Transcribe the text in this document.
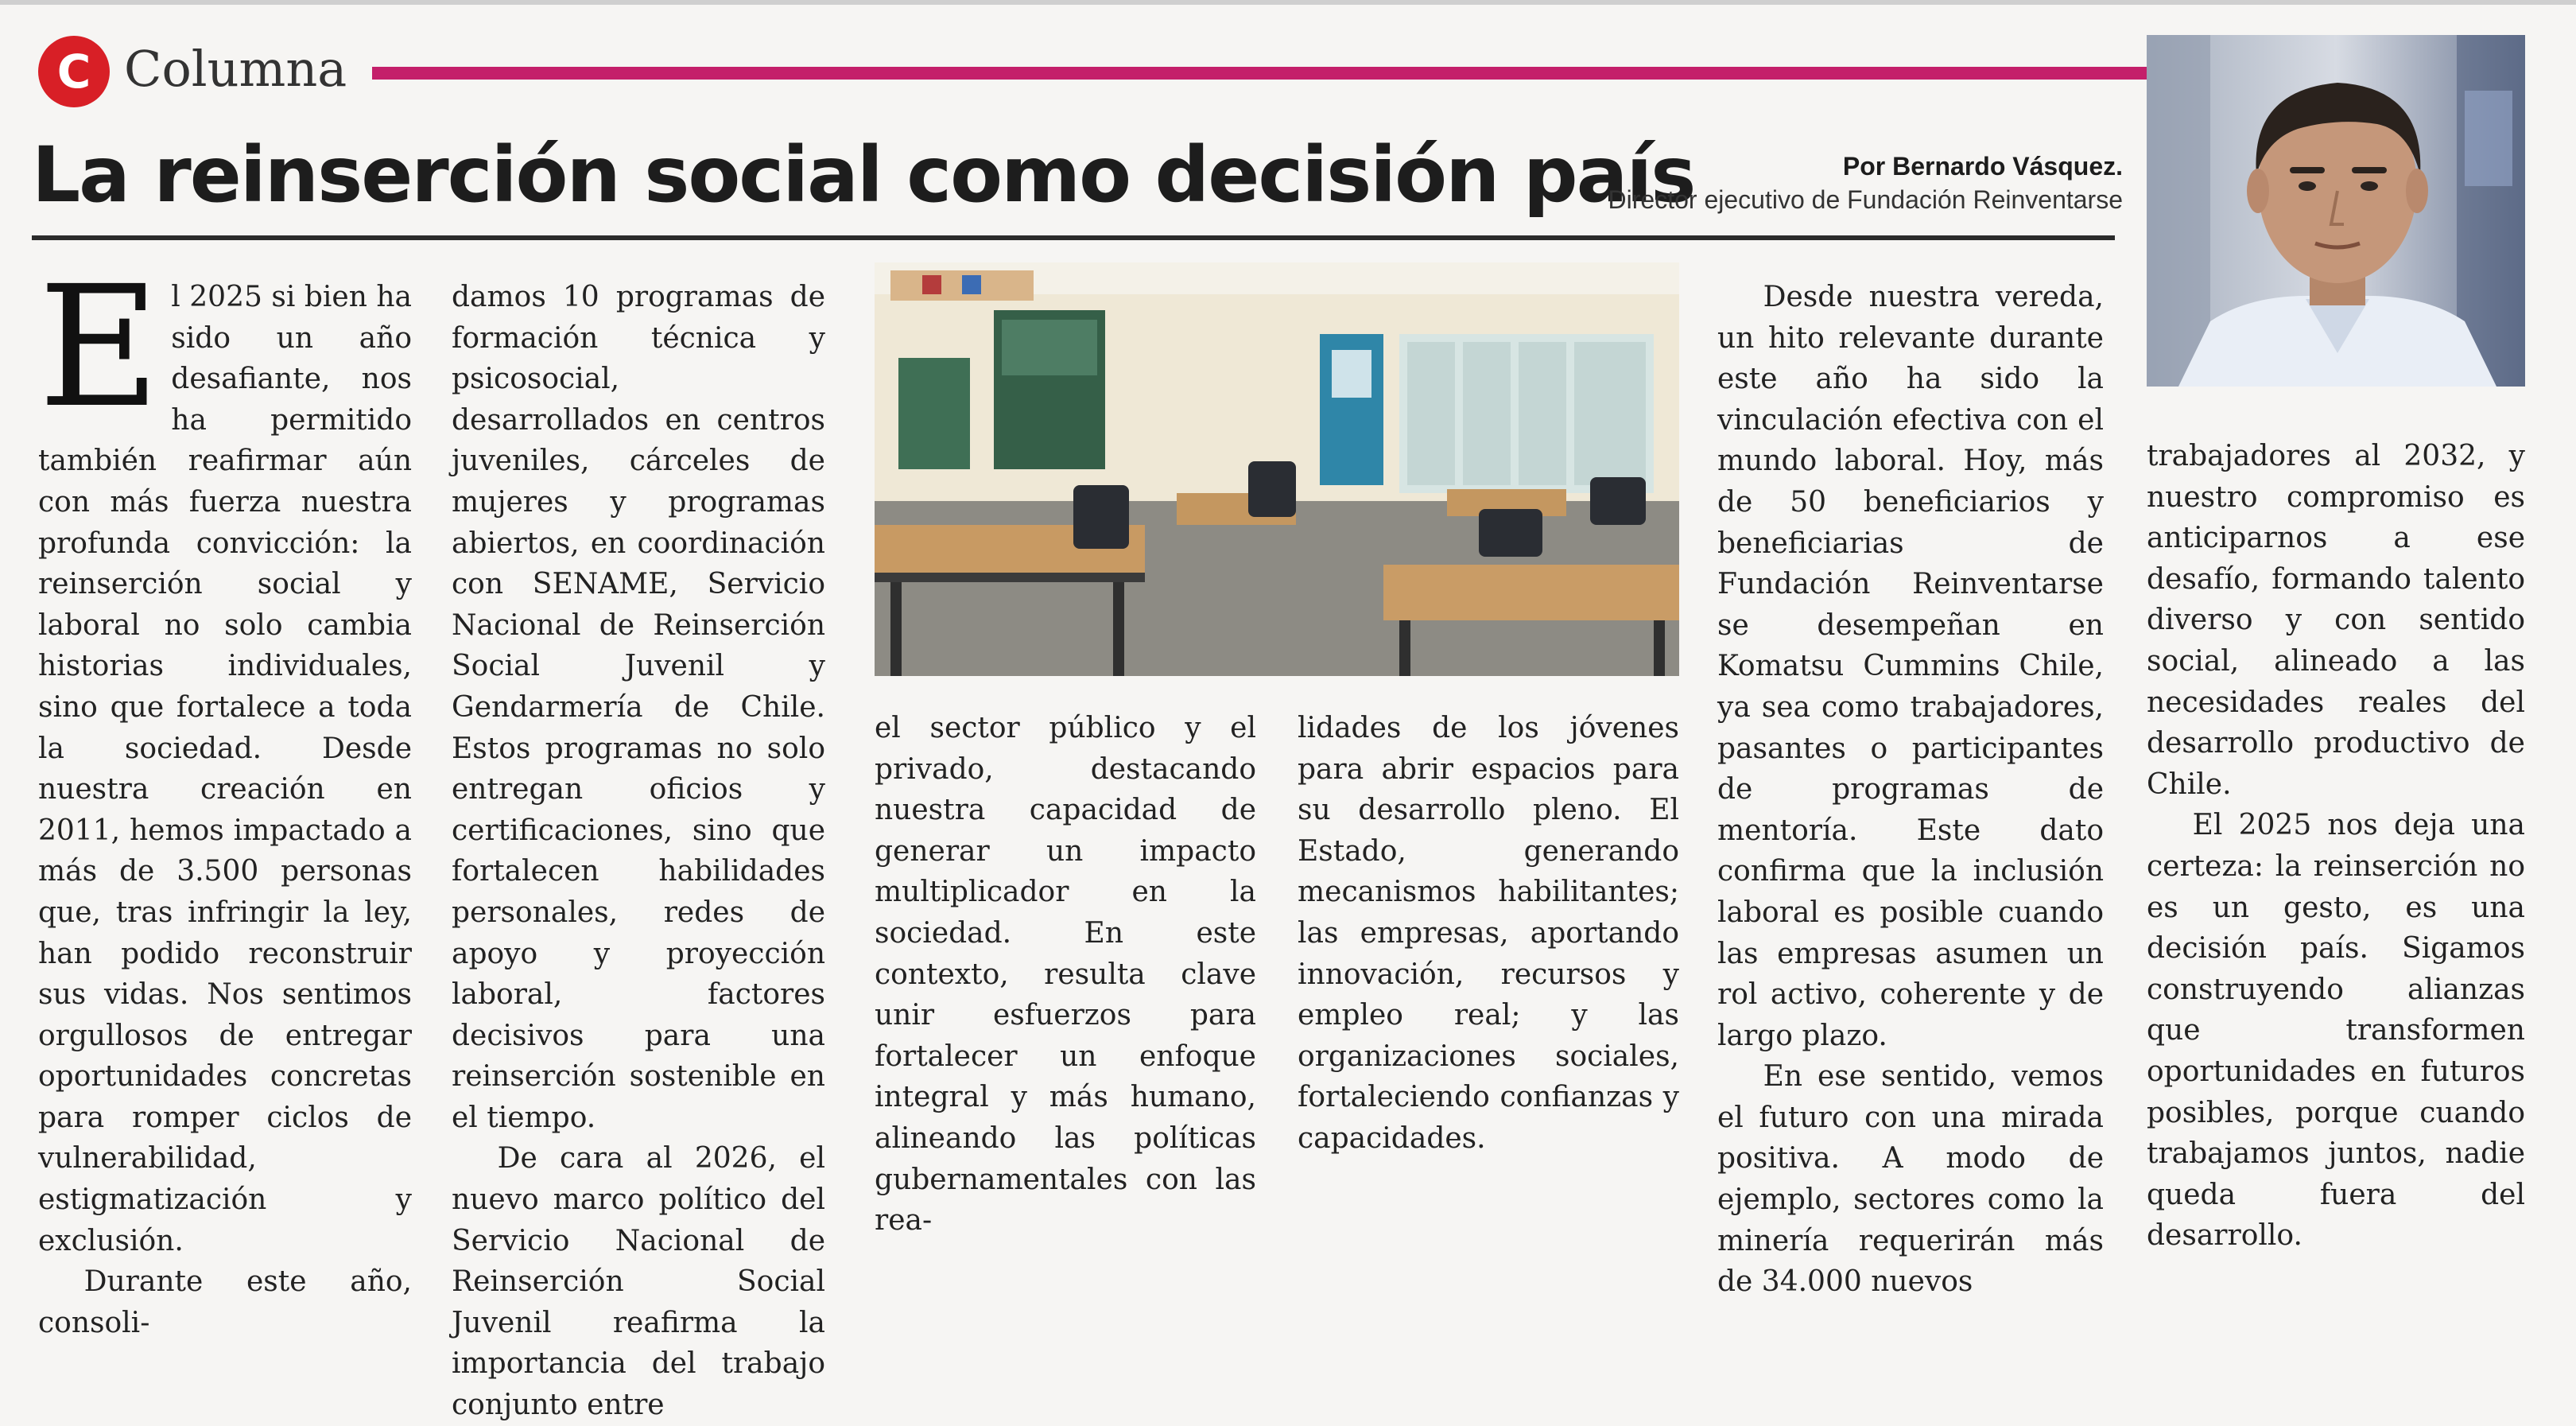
C Columna
La reinserción social como decisión país	Por Bernardo Vásquez.
Director ejecutivo de Fundación Reinventarse

El 2025 si bien ha sido un año desafiante, nos ha permitido también reafirmar aún con más fuerza nuestra profunda convicción: la reinserción social y laboral no solo cambia historias individuales, sino que fortalece a toda la sociedad. Desde nuestra creación en 2011, hemos impactado a más de 3.500 personas que, tras infringir la ley, han podido reconstruir sus vidas. Nos sentimos orgullosos de entregar oportunidades concretas para romper ciclos de vulnerabilidad, estigmatización y exclusión.

Durante este año, consoli-

damos 10 programas de formación técnica y psicosocial, desarrollados en centros juveniles, cárceles de mujeres y programas abiertos, en coordinación con SENAME, Servicio Nacional de Reinserción Social Juvenil y Gendarmería de Chile. Estos programas no solo entregan oficios y certificaciones, sino que fortalecen habilidades personales, redes de apoyo y proyección laboral, factores decisivos para una reinserción sostenible en el tiempo.

De cara al 2026, el nuevo marco político del Servicio Nacional de Reinserción Social Juvenil reafirma la importancia del trabajo conjunto entre

el sector público y el privado, destacando nuestra capacidad de generar un impacto multiplicador en la sociedad. En este contexto, resulta clave unir esfuerzos para fortalecer un enfoque integral y más humano, alineando las políticas gubernamentales con las rea-

lidades de los jóvenes para abrir espacios para su desarrollo pleno. El Estado, generando mecanismos habilitantes; las empresas, aportando innovación, recursos y empleo real; y las organizaciones sociales, fortaleciendo confianzas y capacidades.

Desde nuestra vereda, un hito relevante durante este año ha sido la vinculación efectiva con el mundo laboral. Hoy, más de 50 beneficiarios y beneficiarias de Fundación Reinventarse se desempeñan en Komatsu Cummins Chile, ya sea como trabajadores, pasantes o participantes de programas de mentoría. Este dato confirma que la inclusión laboral es posible cuando las empresas asumen un rol activo, coherente y de largo plazo.

En ese sentido, vemos el futuro con una mirada positiva. A modo de ejemplo, sectores como la minería requerirán más de 34.000 nuevos

trabajadores al 2032, y nuestro compromiso es anticiparnos a ese desafío, formando talento diverso y con sentido social, alineado a las necesidades reales del desarrollo productivo de Chile.

El 2025 nos deja una certeza: la reinserción no es un gesto, es una decisión país. Sigamos construyendo alianzas que transformen oportunidades en futuros posibles, porque cuando trabajamos juntos, nadie queda fuera del desarrollo.
